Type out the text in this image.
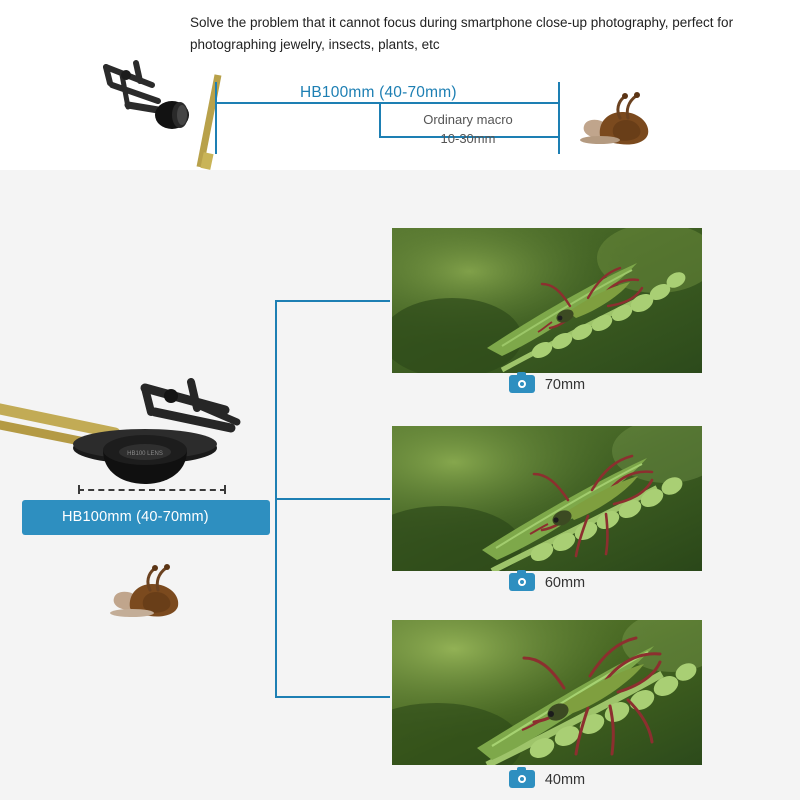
Solve the problem that it cannot focus during smartphone close-up photography, perfect for photographing jewelry, insects, plants, etc
HB100mm (40-70mm)
Ordinary macro
10-30mm
HB100 LENS
HB100mm (40-70mm)
70mm
60mm
40mm
